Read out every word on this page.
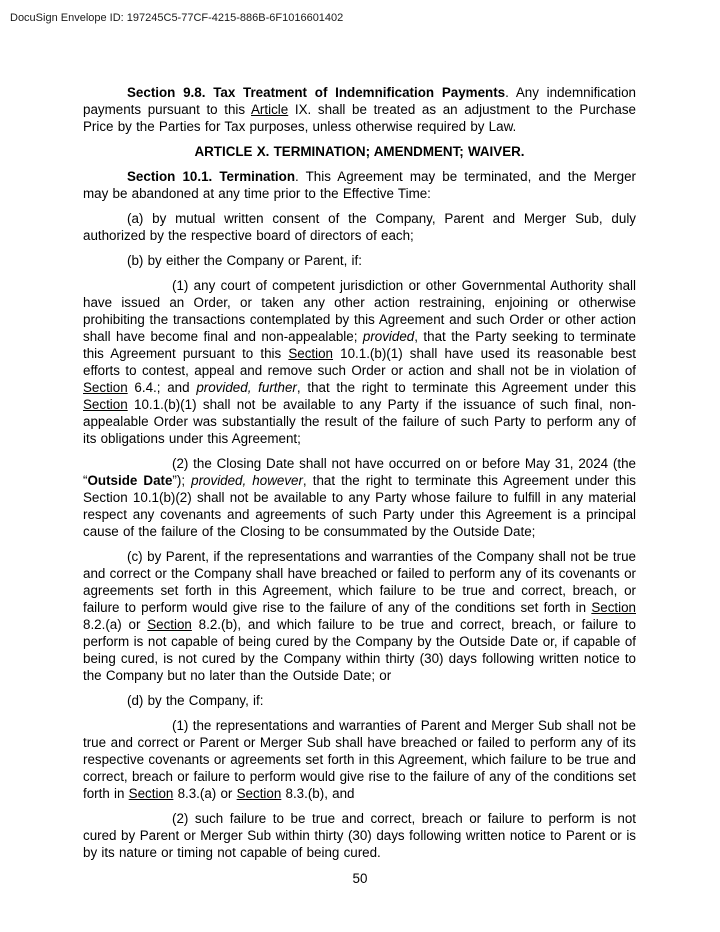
DocuSign Envelope ID: 197245C5-77CF-4215-886B-6F1016601402

Section 9.8. Tax Treatment of Indemnification Payments. Any indemnification payments pursuant to this Article IX. shall be treated as an adjustment to the Purchase Price by the Parties for Tax purposes, unless otherwise required by Law.

ARTICLE X. TERMINATION; AMENDMENT; WAIVER.

Section 10.1. Termination. This Agreement may be terminated, and the Merger may be abandoned at any time prior to the Effective Time:

(a) by mutual written consent of the Company, Parent and Merger Sub, duly authorized by the respective board of directors of each;

(b) by either the Company or Parent, if:

(1) any court of competent jurisdiction or other Governmental Authority shall have issued an Order, or taken any other action restraining, enjoining or otherwise prohibiting the transactions contemplated by this Agreement and such Order or other action shall have become final and non-appealable; provided, that the Party seeking to terminate this Agreement pursuant to this Section 10.1.(b)(1) shall have used its reasonable best efforts to contest, appeal and remove such Order or action and shall not be in violation of Section 6.4.; and provided, further, that the right to terminate this Agreement under this Section 10.1.(b)(1) shall not be available to any Party if the issuance of such final, non-appealable Order was substantially the result of the failure of such Party to perform any of its obligations under this Agreement;

(2) the Closing Date shall not have occurred on or before May 31, 2024 (the “Outside Date”); provided, however, that the right to terminate this Agreement under this Section 10.1(b)(2) shall not be available to any Party whose failure to fulfill in any material respect any covenants and agreements of such Party under this Agreement is a principal cause of the failure of the Closing to be consummated by the Outside Date;

(c) by Parent, if the representations and warranties of the Company shall not be true and correct or the Company shall have breached or failed to perform any of its covenants or agreements set forth in this Agreement, which failure to be true and correct, breach, or failure to perform would give rise to the failure of any of the conditions set forth in Section 8.2.(a) or Section 8.2.(b), and which failure to be true and correct, breach, or failure to perform is not capable of being cured by the Company by the Outside Date or, if capable of being cured, is not cured by the Company within thirty (30) days following written notice to the Company but no later than the Outside Date; or

(d) by the Company, if:

(1) the representations and warranties of Parent and Merger Sub shall not be true and correct or Parent or Merger Sub shall have breached or failed to perform any of its respective covenants or agreements set forth in this Agreement, which failure to be true and correct, breach or failure to perform would give rise to the failure of any of the conditions set forth in Section 8.3.(a) or Section 8.3.(b), and

(2) such failure to be true and correct, breach or failure to perform is not cured by Parent or Merger Sub within thirty (30) days following written notice to Parent or is by its nature or timing not capable of being cured.

50
